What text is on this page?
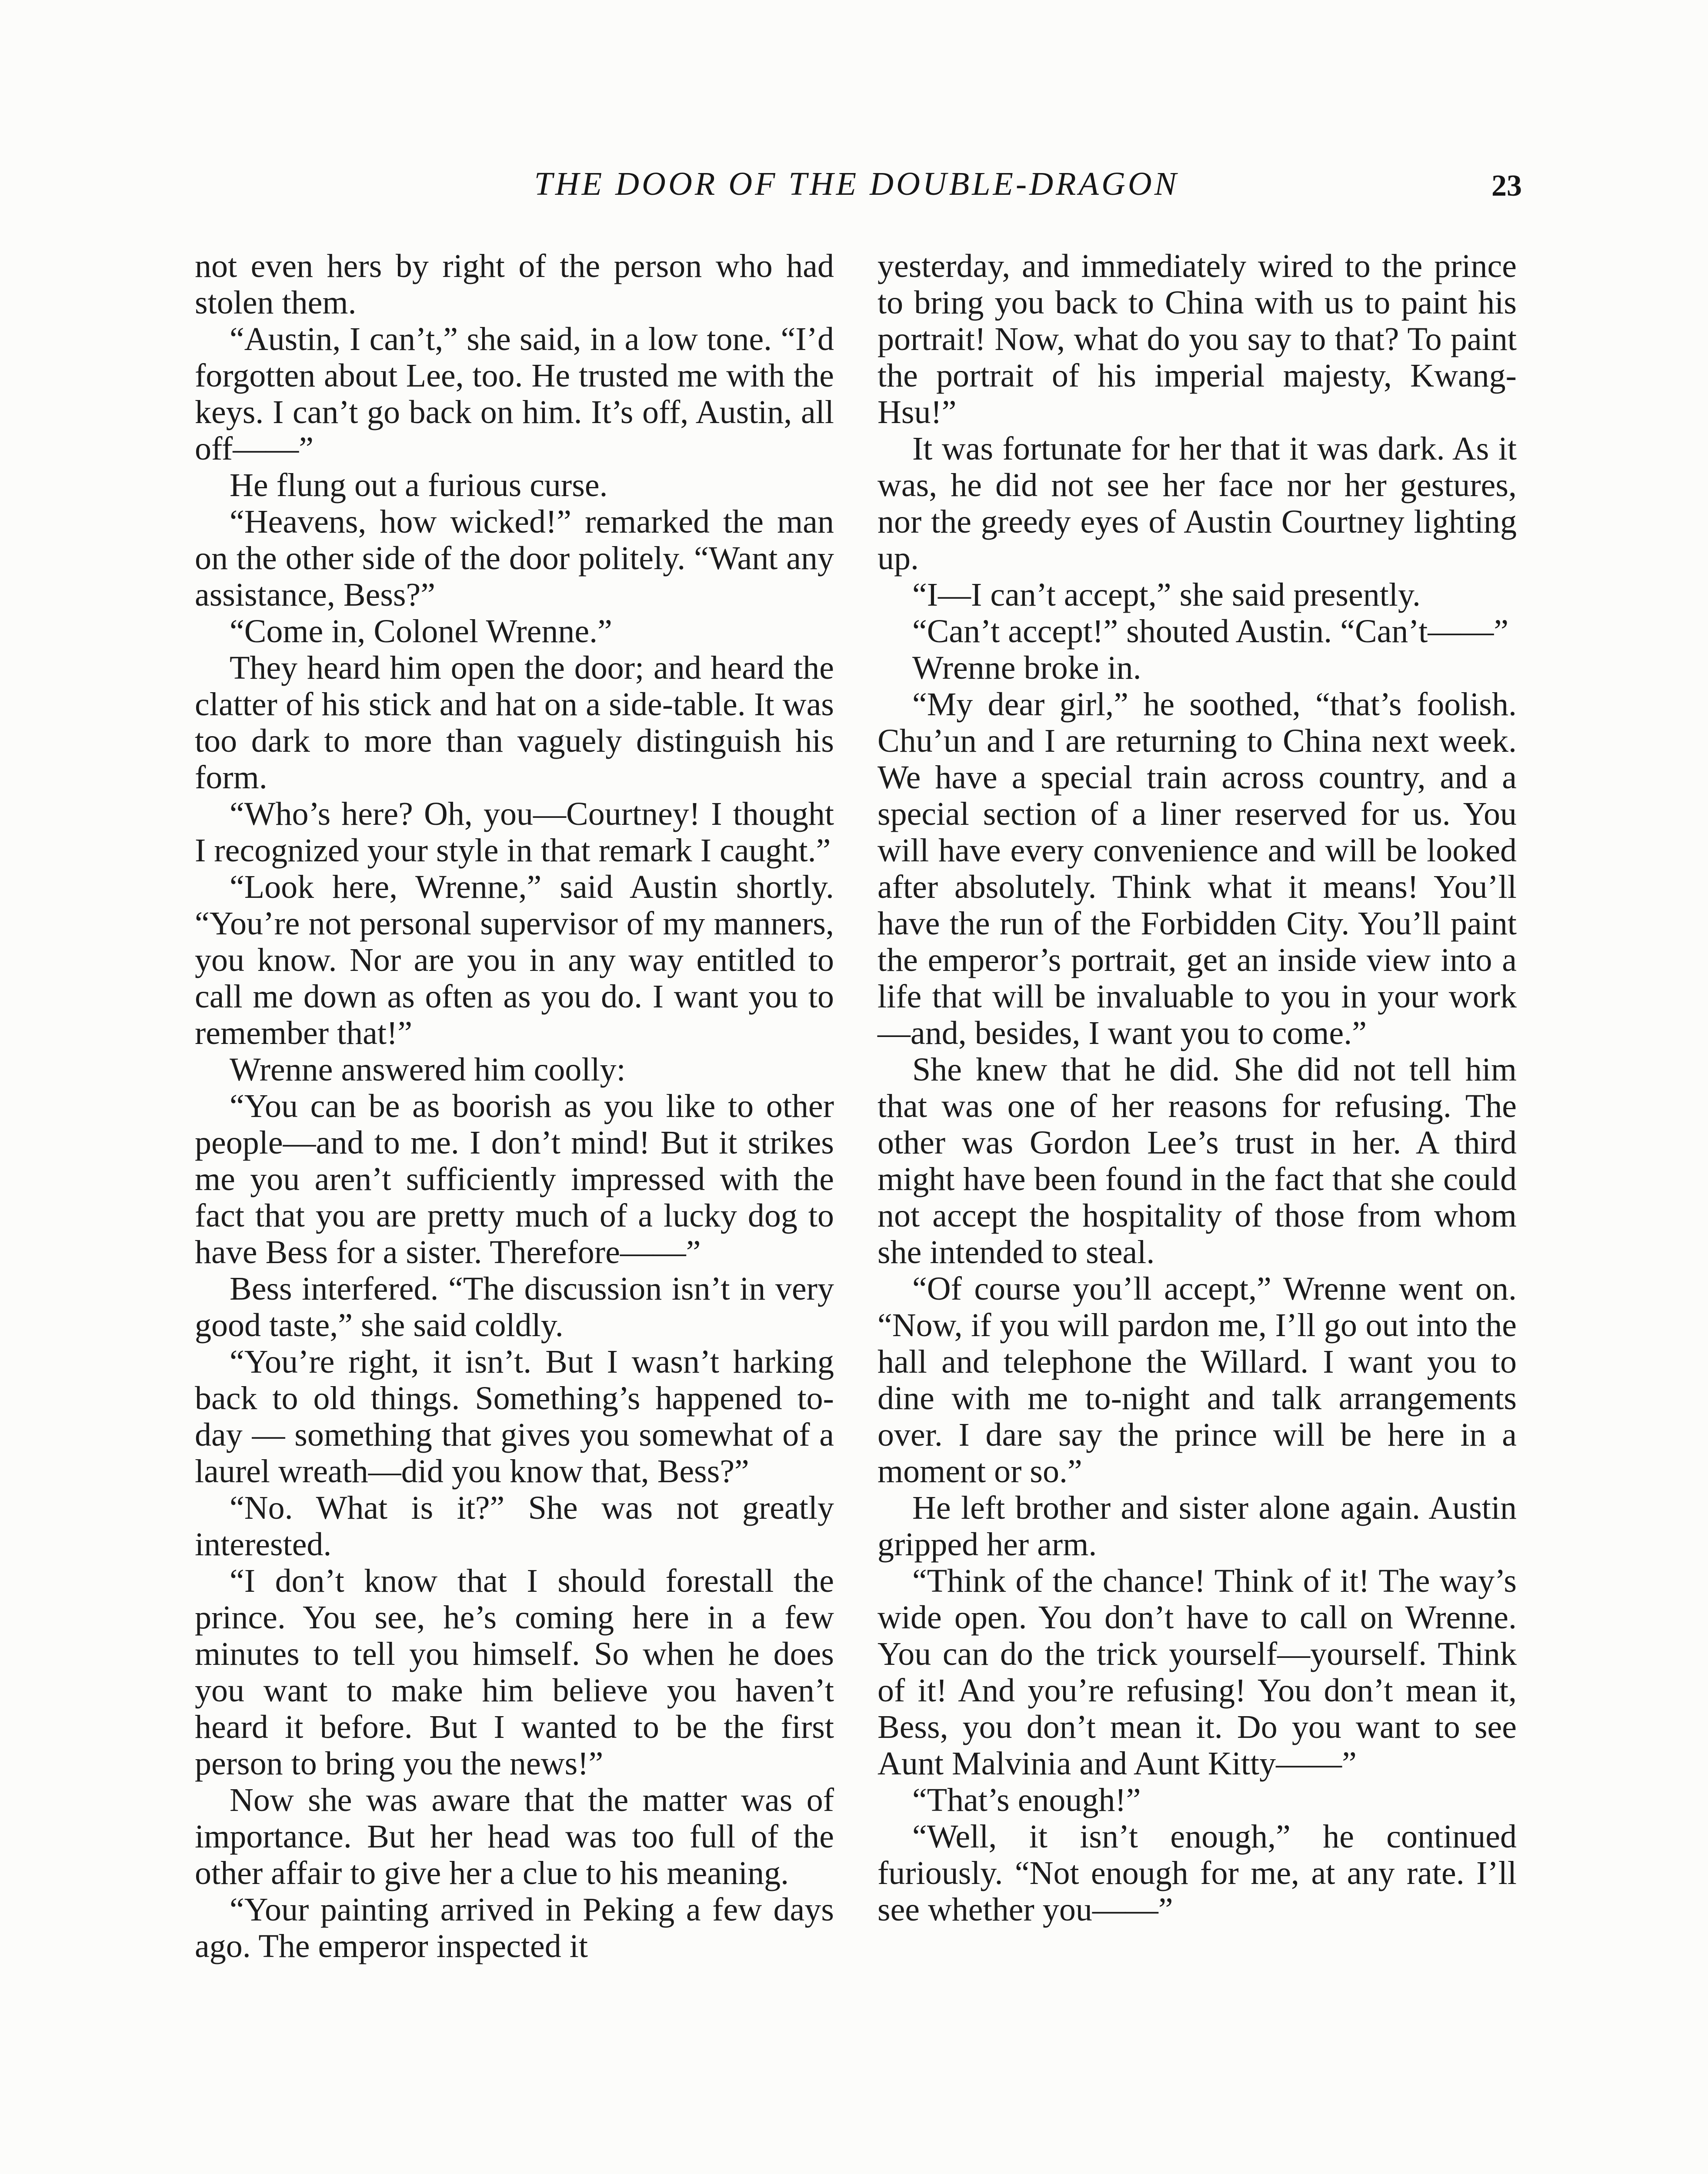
THE DOOR OF THE DOUBLE-DRAGON	23

not even hers by right of the person who had stolen them.

“Austin, I can’t,” she said, in a low tone. “I’d forgotten about Lee, too. He trusted me with the keys. I can’t go back on him. It’s off, Austin, all off——”

He flung out a furious curse.

“Heavens, how wicked!” remarked the man on the other side of the door politely. “Want any assistance, Bess?”

“Come in, Colonel Wrenne.”

They heard him open the door; and heard the clatter of his stick and hat on a side-table. It was too dark to more than vaguely distinguish his form.

“Who’s here? Oh, you—Courtney! I thought I recognized your style in that remark I caught.”

“Look here, Wrenne,” said Austin shortly. “You’re not personal supervisor of my manners, you know. Nor are you in any way entitled to call me down as often as you do. I want you to remember that!”

Wrenne answered him coolly:

“You can be as boorish as you like to other people—and to me. I don’t mind! But it strikes me you aren’t sufficiently impressed with the fact that you are pretty much of a lucky dog to have Bess for a sister. Therefore——”

Bess interfered. “The discussion isn’t in very good taste,” she said coldly.

“You’re right, it isn’t. But I wasn’t harking back to old things. Something’s happened to-day — something that gives you somewhat of a laurel wreath—did you know that, Bess?”

“No. What is it?” She was not greatly interested.

“I don’t know that I should forestall the prince. You see, he’s coming here in a few minutes to tell you himself. So when he does you want to make him believe you haven’t heard it before. But I wanted to be the first person to bring you the news!”

Now she was aware that the matter was of importance. But her head was too full of the other affair to give her a clue to his meaning.

“Your painting arrived in Peking a few days ago. The emperor inspected it

yesterday, and immediately wired to the prince to bring you back to China with us to paint his portrait! Now, what do you say to that? To paint the portrait of his imperial majesty, Kwang-Hsu!”

It was fortunate for her that it was dark. As it was, he did not see her face nor her gestures, nor the greedy eyes of Austin Courtney lighting up.

“I—I can’t accept,” she said presently.

“Can’t accept!” shouted Austin. “Can’t——”

Wrenne broke in.

“My dear girl,” he soothed, “that’s foolish. Chu’un and I are returning to China next week. We have a special train across country, and a special section of a liner reserved for us. You will have every convenience and will be looked after absolutely. Think what it means! You’ll have the run of the Forbidden City. You’ll paint the emperor’s portrait, get an inside view into a life that will be invaluable to you in your work—and, besides, I want you to come.”

She knew that he did. She did not tell him that was one of her reasons for refusing. The other was Gordon Lee’s trust in her. A third might have been found in the fact that she could not accept the hospitality of those from whom she intended to steal.

“Of course you’ll accept,” Wrenne went on. “Now, if you will pardon me, I’ll go out into the hall and telephone the Willard. I want you to dine with me to-night and talk arrangements over. I dare say the prince will be here in a moment or so.”

He left brother and sister alone again. Austin gripped her arm.

“Think of the chance! Think of it! The way’s wide open. You don’t have to call on Wrenne. You can do the trick yourself—yourself. Think of it! And you’re refusing! You don’t mean it, Bess, you don’t mean it. Do you want to see Aunt Malvinia and Aunt Kitty——”

“That’s enough!”

“Well, it isn’t enough,” he continued furiously. “Not enough for me, at any rate. I’ll see whether you——”
